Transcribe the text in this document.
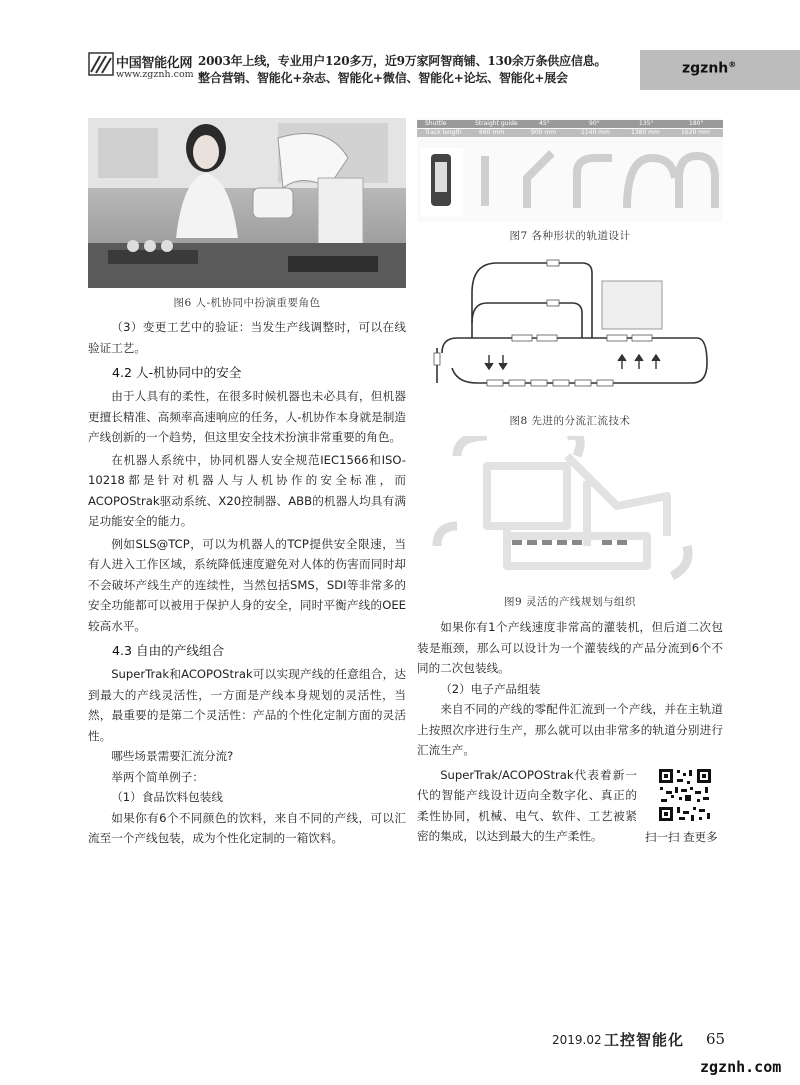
中国智能化网
www.zgznh.com
2003年上线，专业用户120多万，近9万家阿智商铺、130余万条供应信息。
整合营销、智能化+杂志、智能化+微信、智能化+论坛、智能化+展会
zgznh®
图6 人-机协同中扮演重要角色
（3）变更工艺中的验证：当发生产线调整时，可以在线验证工艺。
4.2 人-机协同中的安全
由于人具有的柔性，在很多时候机器也未必具有，但机器更擅长精准、高频率高速响应的任务，人-机协作本身就是制造产线创新的一个趋势，但这里安全技术扮演非常重要的角色。
在机器人系统中，协同机器人安全规范IEC1566和ISO-10218都是针对机器人与人机协作的安全标准，而ACOPOStrak驱动系统、X20控制器、ABB的机器人均具有满足功能安全的能力。
例如SLS@TCP，可以为机器人的TCP提供安全限速，当有人进入工作区域，系统降低速度避免对人体的伤害而同时却不会破坏产线生产的连续性，当然包括SMS，SDI等非常多的安全功能都可以被用于保护人身的安全，同时平衡产线的OEE较高水平。
4.3 自由的产线组合
SuperTrak和ACOPOStrak可以实现产线的任意组合，达到最大的产线灵活性，一方面是产线本身规划的灵活性，当然，最重要的是第二个灵活性：产品的个性化定制方面的灵活性。
哪些场景需要汇流分流?
举两个简单例子：
（1）食品饮料包装线
如果你有6个不同颜色的饮料，来自不同的产线，可以汇流至一个产线包装，成为个性化定制的一箱饮料。
Shuttle
Track length
Straight guide
660 mm
45°
900 mm
90°
1140 mm
135°
1380 mm
180°
1620 mm
图7 各种形状的轨道设计
图8 先进的分流汇流技术
图9 灵活的产线规划与组织
如果你有1个产线速度非常高的灌装机，但后道二次包装是瓶颈，那么可以设计为一个灌装线的产品分流到6个不同的二次包装线。
（2）电子产品组装
来自不同的产线的零配件汇流到一个产线，并在主轨道上按照次序进行生产，那么就可以由非常多的轨道分别进行汇流生产。
SuperTrak/ACOPOStrak代表着新一代的智能产线设计迈向全数字化、真正的柔性协同，机械、电气、软件、工艺被紧密的集成，以达到最大的生产柔性。	扫一扫 查更多
2019.02 工控智能化 65
zgznh.com
